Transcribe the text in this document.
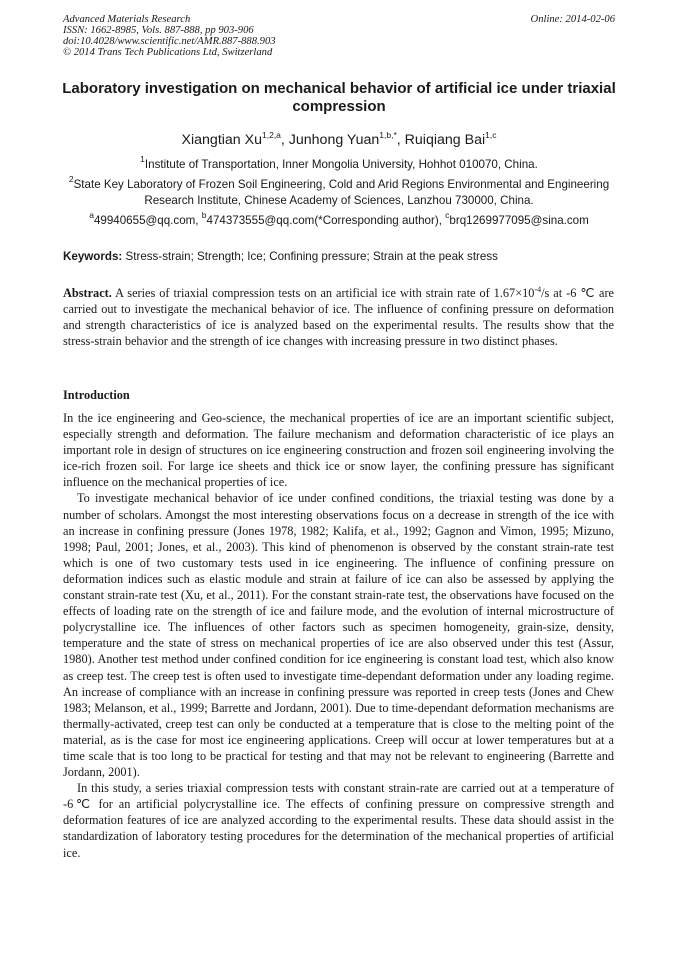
Advanced Materials Research
ISSN: 1662-8985, Vols. 887-888, pp 903-906
doi:10.4028/www.scientific.net/AMR.887-888.903
© 2014 Trans Tech Publications Ltd, Switzerland
Online: 2014-02-06
Laboratory investigation on mechanical behavior of artificial ice under triaxial compression
Xiangtian Xu$^{1,2,a}$, Junhong Yuan$^{1,b,*}$, Ruiqiang Bai$^{1,c}$
$^1$Institute of Transportation, Inner Mongolia University, Hohhot 010070, China.
$^2$State Key Laboratory of Frozen Soil Engineering, Cold and Arid Regions Environmental and Engineering Research Institute, Chinese Academy of Sciences, Lanzhou 730000, China.
$^a$49940655@qq.com, $^b$474373555@qq.com(*Corresponding author), $^c$brq1269977095@sina.com
Keywords: Stress-strain; Strength; Ice; Confining pressure; Strain at the peak stress
Abstract. A series of triaxial compression tests on an artificial ice with strain rate of $1.67\times 10^{-4}/s$ at -6 ℃ are carried out to investigate the mechanical behavior of ice. The influence of confining pressure on deformation and strength characteristics of ice is analyzed based on the experimental results. The results show that the stress-strain behavior and the strength of ice changes with increasing pressure in two distinct phases.
Introduction

In the ice engineering and Geo-science, the mechanical properties of ice are an important scientific subject, especially strength and deformation. The failure mechanism and deformation characteristic of ice plays an important role in design of structures on ice engineering construction and frozen soil engineering involving the ice-rich frozen soil. For large ice sheets and thick ice or snow layer, the confining pressure has significant influence on the mechanical properties of ice.

To investigate mechanical behavior of ice under confined conditions, the triaxial testing was done by a number of scholars. Amongst the most interesting observations focus on a decrease in strength of the ice with an increase in confining pressure (Jones 1978, 1982; Kalifa, et al., 1992; Gagnon and Vimon, 1995; Mizuno, 1998; Paul, 2001; Jones, et al., 2003). This kind of phenomenon is observed by the constant strain-rate test which is one of two customary tests used in ice engineering. The influence of confining pressure on deformation indices such as elastic module and strain at failure of ice can also be assessed by applying the constant strain-rate test (Xu, et al., 2011). For the constant strain-rate test, the observations have focused on the effects of loading rate on the strength of ice and failure mode, and the evolution of internal microstructure of polycrystalline ice. The influences of other factors such as specimen homogeneity, grain-size, density, temperature and the state of stress on mechanical properties of ice are also observed under this test (Assur, 1980). Another test method under confined condition for ice engineering is constant load test, which also know as creep test. The creep test is often used to investigate time-dependant deformation under any loading regime. An increase of compliance with an increase in confining pressure was reported in creep tests (Jones and Chew 1983; Melanson, et al., 1999; Barrette and Jordann, 2001). Due to time-dependant deformation mechanisms are thermally-activated, creep test can only be conducted at a temperature that is close to the melting point of the material, as is the case for most ice engineering applications. Creep will occur at lower temperatures but at a time scale that is too long to be practical for testing and that may not be relevant to engineering (Barrette and Jordann, 2001).

In this study, a series triaxial compression tests with constant strain-rate are carried out at a temperature of -6℃ for an artificial polycrystalline ice. The effects of confining pressure on compressive strength and deformation features of ice are analyzed according to the experimental results. These data should assist in the standardization of laboratory testing procedures for the determination of the mechanical properties of artificial ice.
